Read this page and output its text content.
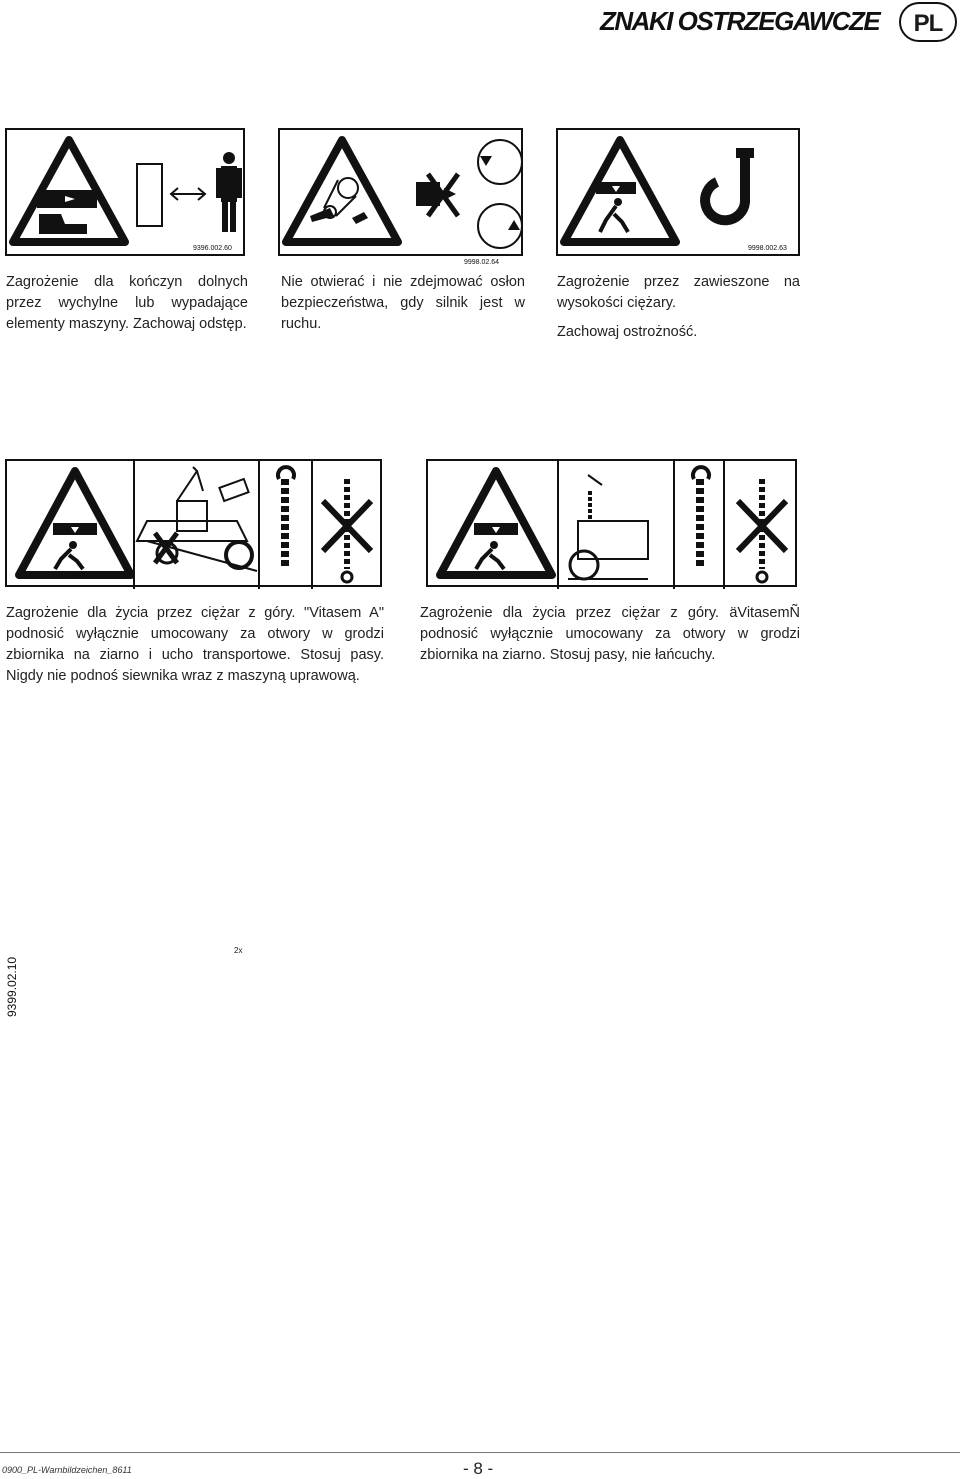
ZNAKI OSTRZEGAWCZE	PL
9396.002.60

Zagrożenie dla kończyn dolnych przez wychylne lub wypadające elementy maszyny. Zachowaj odstęp.

9998.02.64

Nie otwierać i nie zdejmować osłon bezpieczeństwa, gdy silnik jest w ruchu.

9998.002.63

Zagrożenie przez zawieszone na wysokości ciężary.

Zachowaj ostrożność.

9399.02.10
2x

Zagrożenie dla życia przez ciężar z góry. "Vitasem A" podnosić wyłącznie umocowany za otwory w grodzi zbiornika na ziarno i ucho transportowe. Stosuj pasy. Nigdy nie podnoś siewnika wraz z maszyną uprawową.

Zagrożenie dla życia przez ciężar z góry. äVitasemÑ podnosić wyłącznie umocowany za otwory w grodzi zbiornika na ziarno. Stosuj pasy, nie łańcuchy.

0900_PL-Warnbildzeichen_8611	- 8 -
